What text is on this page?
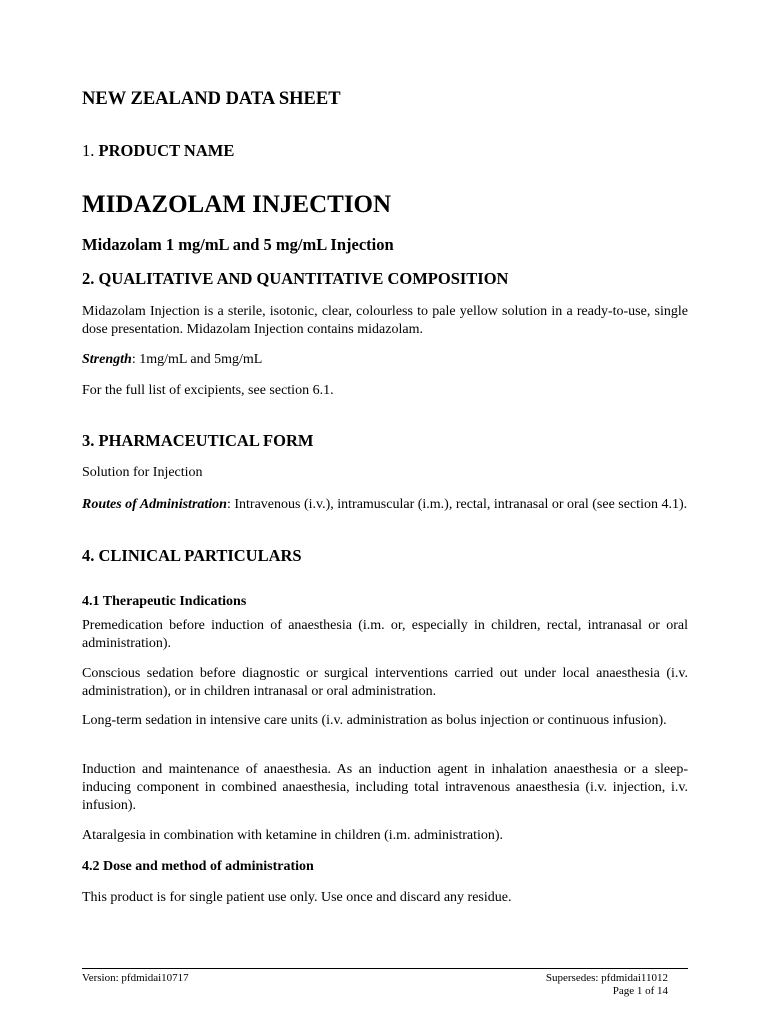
NEW ZEALAND DATA SHEET
1. PRODUCT NAME
MIDAZOLAM INJECTION
Midazolam 1 mg/mL and 5 mg/mL Injection
2. QUALITATIVE AND QUANTITATIVE COMPOSITION

Midazolam Injection is a sterile, isotonic, clear, colourless to pale yellow solution in a ready-to-use, single dose presentation. Midazolam Injection contains midazolam.

Strength: 1mg/mL and 5mg/mL

For the full list of excipients, see section 6.1.

3. PHARMACEUTICAL FORM

Solution for Injection

Routes of Administration: Intravenous (i.v.), intramuscular (i.m.), rectal, intranasal or oral (see section 4.1).

4. CLINICAL PARTICULARS
4.1 Therapeutic Indications

Premedication before induction of anaesthesia (i.m. or, especially in children, rectal, intranasal or oral administration).

Conscious sedation before diagnostic or surgical interventions carried out under local anaesthesia (i.v. administration), or in children intranasal or oral administration.

Long-term sedation in intensive care units (i.v. administration as bolus injection or continuous infusion).

Induction and maintenance of anaesthesia. As an induction agent in inhalation anaesthesia or a sleep-inducing component in combined anaesthesia, including total intravenous anaesthesia (i.v. injection, i.v. infusion).

Ataralgesia in combination with ketamine in children (i.m. administration).

4.2 Dose and method of administration

This product is for single patient use only. Use once and discard any residue.

Version: pfdmidai10717	Supersedes: pfdmidai11012
Page 1 of 14
